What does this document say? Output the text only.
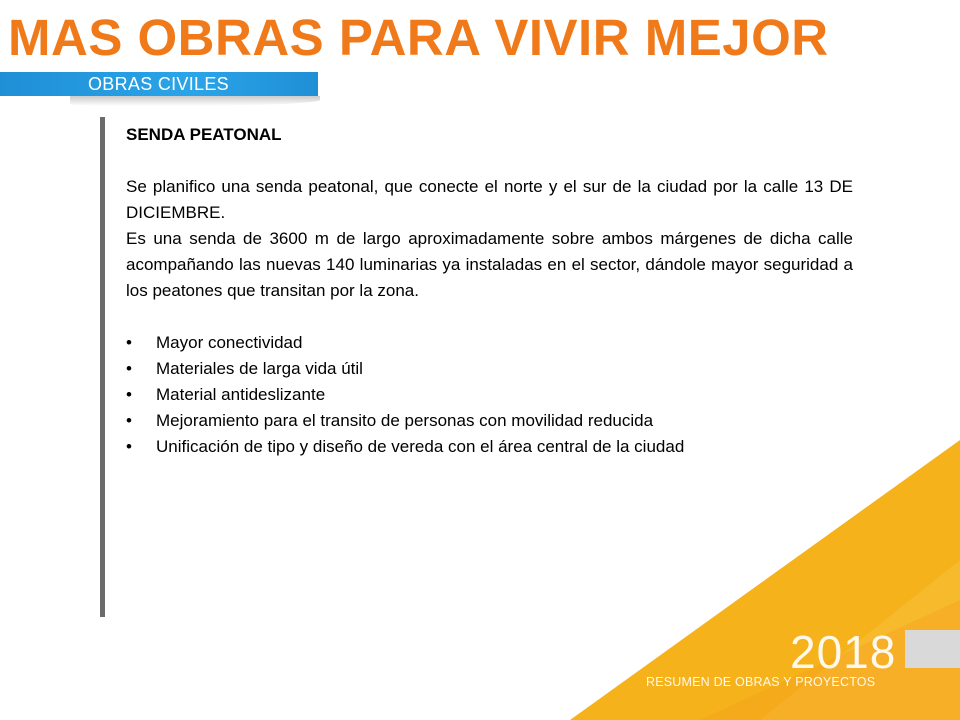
MAS OBRAS PARA VIVIR MEJOR
OBRAS CIVILES
SENDA PEATONAL

Se planifico una senda peatonal, que conecte el norte y el sur de la ciudad por la calle 13 DE DICIEMBRE.

Es una senda de 3600 m de largo aproximadamente sobre ambos márgenes de dicha calle acompañando las nuevas 140 luminarias ya instaladas en el sector, dándole mayor seguridad a los peatones que transitan por la zona.

• Mayor conectividad
• Materiales de larga vida útil
• Material antideslizante
• Mejoramiento para el transito de personas con movilidad reducida
• Unificación de tipo y diseño de vereda con el área central de la ciudad
2018
RESUMEN DE OBRAS Y PROYECTOS
